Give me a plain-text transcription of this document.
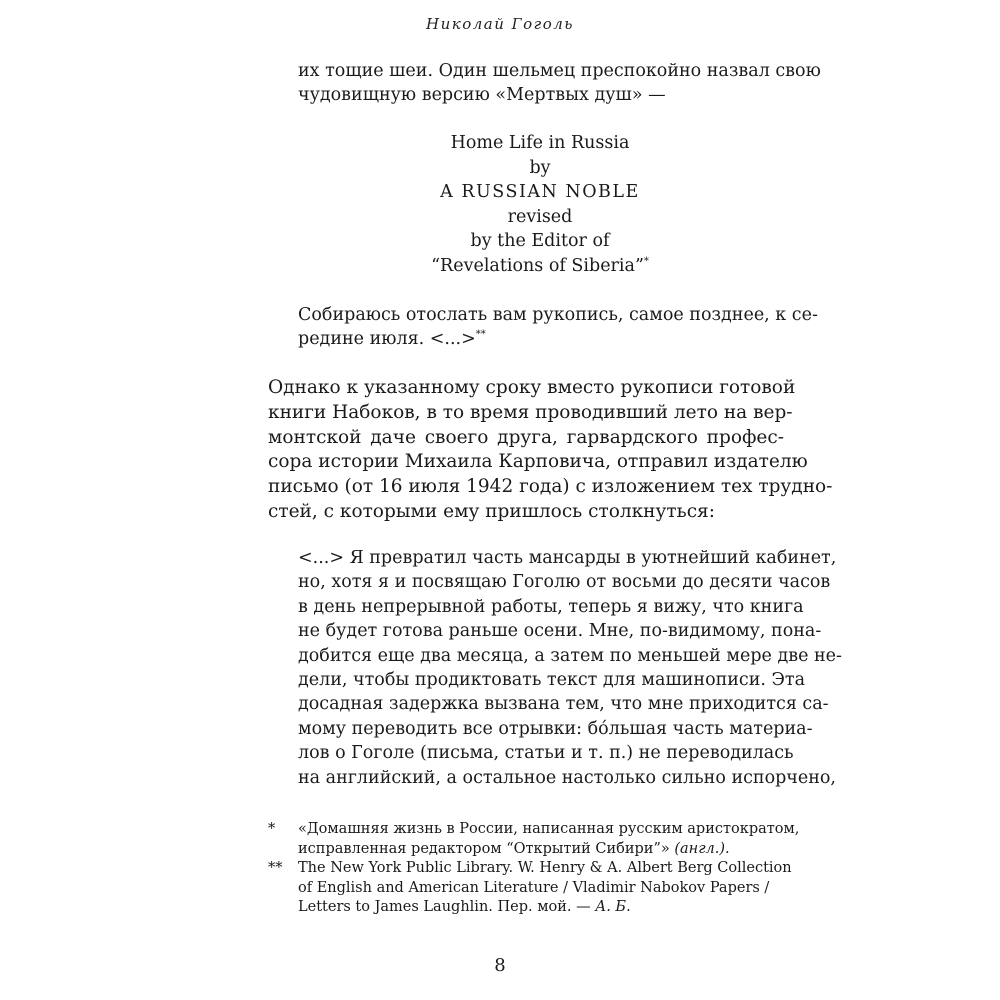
Николай Гоголь
их тощие шеи. Один шельмец преспокойно назвал свою
чудовищную версию «Мертвых душ» —
Home Life in Russia
by
A RUSSIAN NOBLE
revised
by the Editor of
“Revelations of Siberia”*
Собираюсь отослать вам рукопись, самое позднее, к се-
редине июля. <...>**
Однако к указанному сроку вместо рукописи готовой
книги Набоков, в то время проводивший лето на вер-
монтской даче своего друга, гарвардского профес-
сора истории Михаила Карповича, отправил издателю
письмо (от 16 июля 1942 года) с изложением тех трудно-
стей, с которыми ему пришлось столкнуться:
<...> Я превратил часть мансарды в уютнейший кабинет,
но, хотя я и посвящаю Гоголю от восьми до десяти часов
в день непрерывной работы, теперь я вижу, что книга
не будет готова раньше осени. Мне, по-видимому, пона-
добится еще два месяца, а затем по меньшей мере две не-
дели, чтобы продиктовать текст для машинописи. Эта
досадная задержка вызвана тем, что мне приходится са-
мому переводить все отрывки: бóльшая часть материа-
лов о Гоголе (письма, статьи и т. п.) не переводилась
на английский, а остальное настолько сильно испорчено,
* «Домашняя жизнь в России, написанная русским аристократом,
исправленная редактором “Открытий Сибири”» (англ.).
** The New York Public Library. W. Henry & A. Albert Berg Collection
of English and American Literature / Vladimir Nabokov Papers /
Letters to James Laughlin. Пер. мой. — А. Б.
8
